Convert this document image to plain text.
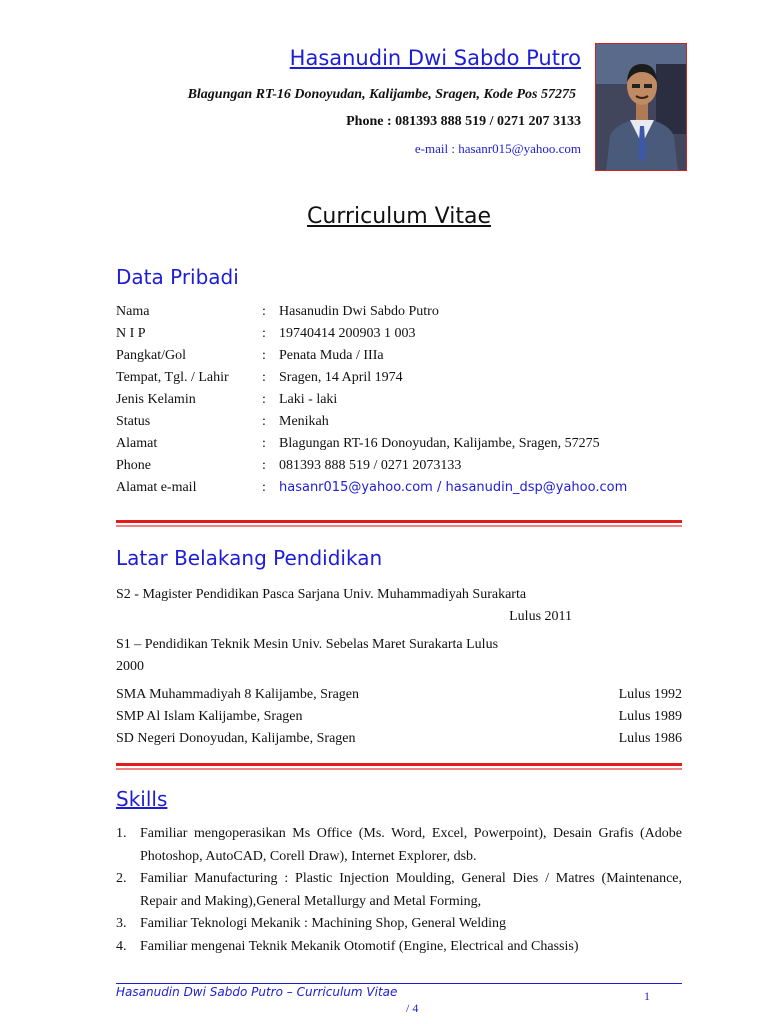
Hasanudin Dwi Sabdo Putro
Blagungan RT-16 Donoyudan, Kalijambe, Sragen, Kode Pos 57275
Phone : 081393 888 519 / 0271 207 3133
e-mail : hasanr015@yahoo.com
Curriculum Vitae
Data Pribadi
Nama	: Hasanudin Dwi Sabdo Putro
N I P	: 19740414 200903 1 003
Pangkat/Gol	: Penata Muda / IIIa
Tempat, Tgl. / Lahir	: Sragen, 14 April 1974
Jenis Kelamin	: Laki - laki
Status	: Menikah
Alamat	: Blagungan RT-16 Donoyudan, Kalijambe, Sragen, 57275
Phone	: 081393 888 519 / 0271 2073133
Alamat e-mail	: hasanr015@yahoo.com / hasanudin_dsp@yahoo.com
Latar Belakang Pendidikan
S2 - Magister Pendidikan Pasca Sarjana Univ. Muhammadiyah Surakarta
Lulus 2011
S1 – Pendidikan Teknik Mesin Univ. Sebelas Maret Surakarta Lulus
2000
SMA Muhammadiyah 8 Kalijambe, Sragen	Lulus 1992
SMP Al Islam Kalijambe, Sragen	Lulus 1989
SD Negeri Donoyudan, Kalijambe, Sragen	Lulus 1986
Skills
1. Familiar mengoperasikan Ms Office (Ms. Word, Excel, Powerpoint), Desain Grafis (Adobe Photoshop, AutoCAD, Corell Draw), Internet Explorer, dsb.
2. Familiar Manufacturing : Plastic Injection Moulding, General Dies / Matres (Maintenance, Repair and Making),General Metallurgy and Metal Forming,
3. Familiar Teknologi Mekanik : Machining Shop, General Welding
4. Familiar mengenai Teknik Mekanik Otomotif (Engine, Electrical and Chassis)
Hasanudin Dwi Sabdo Putro – Curriculum Vitae	1
/ 4
